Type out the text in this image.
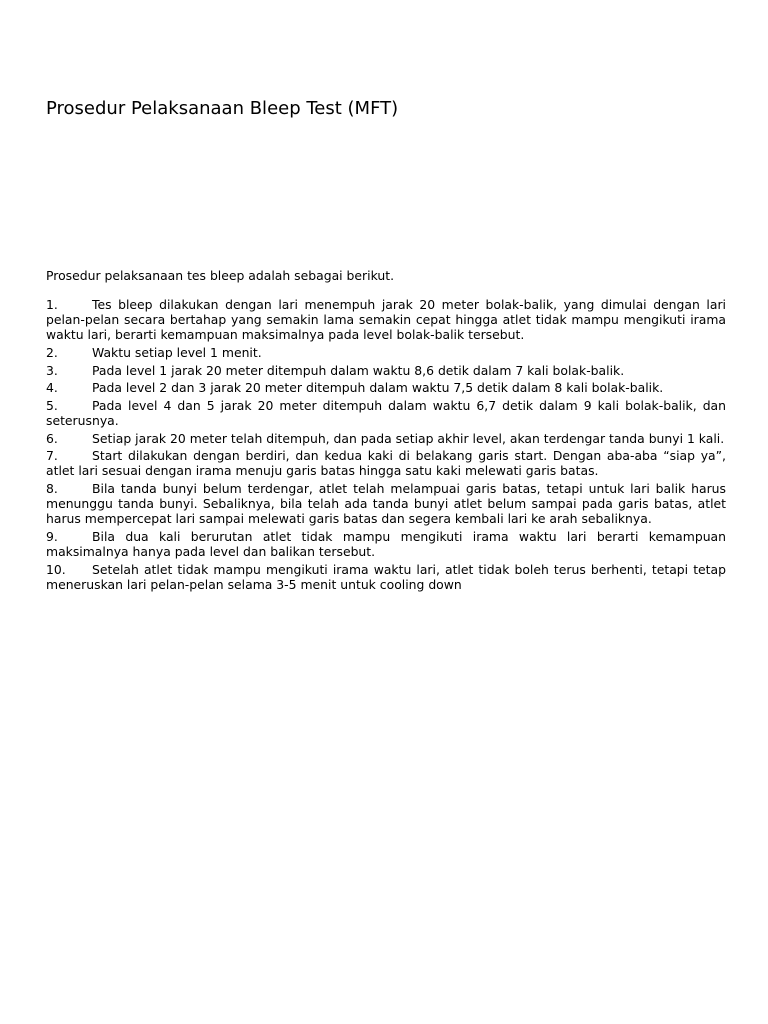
Prosedur Pelaksanaan Bleep Test (MFT)

Prosedur pelaksanaan tes bleep adalah sebagai berikut.

1.	Tes bleep dilakukan dengan lari menempuh jarak 20 meter bolak-balik, yang dimulai dengan lari pelan-pelan secara bertahap yang semakin lama semakin cepat hingga atlet tidak mampu mengikuti irama waktu lari, berarti kemampuan maksimalnya pada level bolak-balik tersebut.
2.	Waktu setiap level 1 menit.
3.	Pada level 1 jarak 20 meter ditempuh dalam waktu 8,6 detik dalam 7 kali bolak-balik.
4.	Pada level 2 dan 3 jarak 20 meter ditempuh dalam waktu 7,5 detik dalam 8 kali bolak-balik.
5.	Pada level 4 dan 5 jarak 20 meter ditempuh dalam waktu 6,7 detik dalam 9 kali bolak-balik, dan seterusnya.
6.	Setiap jarak 20 meter telah ditempuh, dan pada setiap akhir level, akan terdengar tanda bunyi 1 kali.
7.	Start dilakukan dengan berdiri, dan kedua kaki di belakang garis start. Dengan aba-aba “siap ya”, atlet lari sesuai dengan irama menuju garis batas hingga satu kaki melewati garis batas.
8.	Bila tanda bunyi belum terdengar, atlet telah melampuai garis batas, tetapi untuk lari balik harus menunggu tanda bunyi. Sebaliknya, bila telah ada tanda bunyi atlet belum sampai pada garis batas, atlet harus mempercepat lari sampai melewati garis batas dan segera kembali lari ke arah sebaliknya.
9.	Bila dua kali berurutan atlet tidak mampu mengikuti irama waktu lari berarti kemampuan maksimalnya hanya pada level dan balikan tersebut.
10. Setelah atlet tidak mampu mengikuti irama waktu lari, atlet tidak boleh terus berhenti, tetapi tetap meneruskan lari pelan-pelan selama 3-5 menit untuk cooling down
